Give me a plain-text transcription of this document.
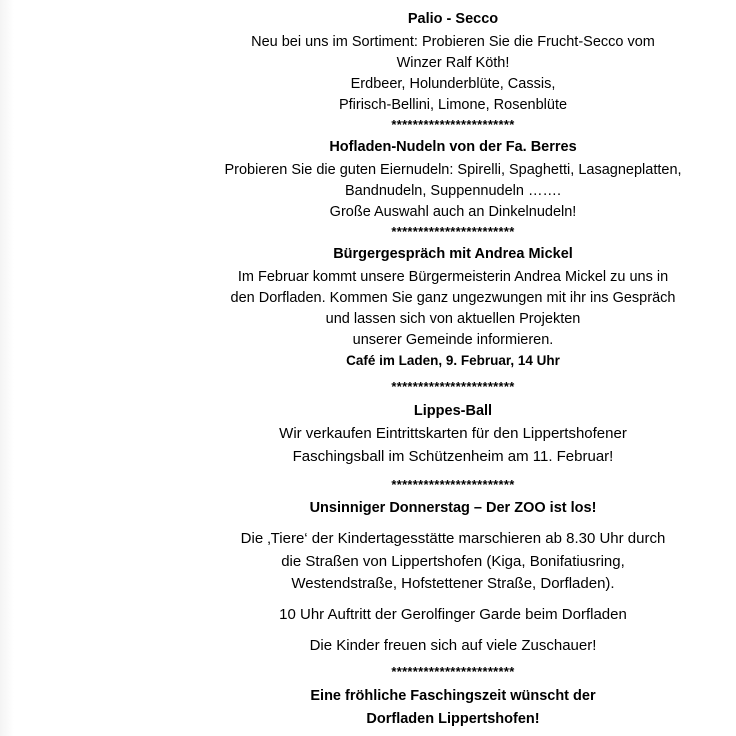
Palio - Secco
Neu bei uns im Sortiment: Probieren Sie die Frucht-Secco vom
Winzer Ralf Köth!
Erdbeer, Holunderblüte, Cassis,
Pfirisch-Bellini, Limone, Rosenblüte
***********************
Hofladen-Nudeln von der Fa. Berres
Probieren Sie die guten Eiernudeln: Spirelli, Spaghetti, Lasagneplatten,
Bandnudeln, Suppennudeln …….
Große Auswahl auch an Dinkelnudeln!
***********************
Bürgergespräch mit Andrea Mickel
Im Februar kommt unsere Bürgermeisterin Andrea Mickel zu uns in
den Dorfladen. Kommen Sie ganz ungezwungen mit ihr ins Gespräch
und lassen sich von aktuellen Projekten
unserer Gemeinde informieren.
Café im Laden, 9. Februar, 14 Uhr
***********************
Lippes-Ball
Wir verkaufen Eintrittskarten für den Lippertshofener
Faschingsball im Schützenheim am 11. Februar!
***********************
Unsinniger Donnerstag – Der ZOO ist los!
Die ‚Tiere‘ der Kindertagesstätte marschieren ab 8.30 Uhr durch
die Straßen von Lippertshofen (Kiga, Bonifatiusring,
Westendstraße, Hofstettener Straße, Dorfladen).
10 Uhr Auftritt der Gerolfinger Garde beim Dorfladen
Die Kinder freuen sich auf viele Zuschauer!
***********************
Eine fröhliche Faschingszeit wünscht der
Dorfladen Lippertshofen!
